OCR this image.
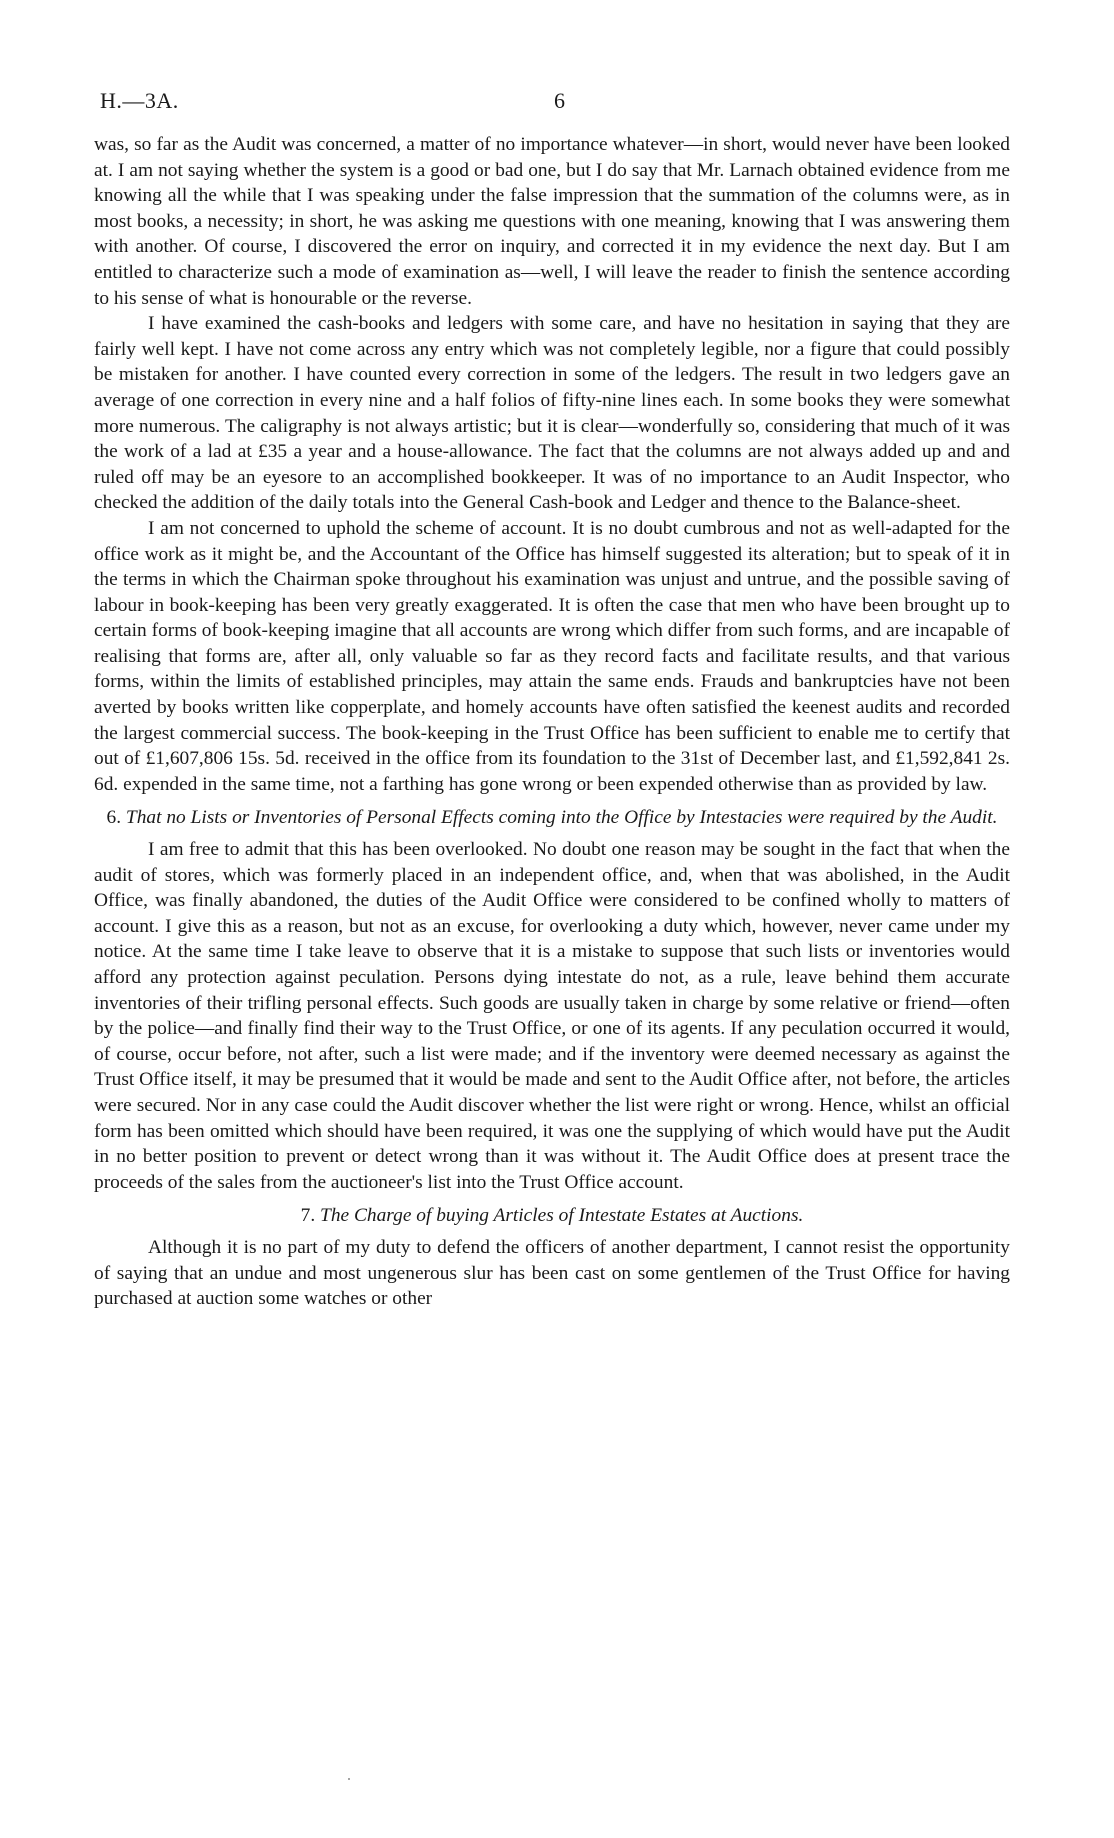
H.—3A.	6

was, so far as the Audit was concerned, a matter of no importance whatever—in short, would never have been looked at. I am not saying whether the system is a good or bad one, but I do say that Mr. Larnach obtained evidence from me knowing all the while that I was speaking under the false impression that the summation of the columns were, as in most books, a necessity; in short, he was asking me questions with one meaning, knowing that I was answering them with another. Of course, I discovered the error on inquiry, and corrected it in my evidence the next day. But I am entitled to characterize such a mode of examination as—well, I will leave the reader to finish the sentence according to his sense of what is honourable or the reverse.

I have examined the cash-books and ledgers with some care, and have no hesitation in saying that they are fairly well kept. I have not come across any entry which was not completely legible, nor a figure that could possibly be mistaken for another. I have counted every correction in some of the ledgers. The result in two ledgers gave an average of one correction in every nine and a half folios of fifty-nine lines each. In some books they were somewhat more numerous. The caligraphy is not always artistic; but it is clear—wonderfully so, considering that much of it was the work of a lad at £35 a year and a house-allowance. The fact that the columns are not always added up and and ruled off may be an eyesore to an accomplished bookkeeper. It was of no importance to an Audit Inspector, who checked the addition of the daily totals into the General Cash-book and Ledger and thence to the Balance-sheet.

I am not concerned to uphold the scheme of account. It is no doubt cumbrous and not as well-adapted for the office work as it might be, and the Accountant of the Office has himself suggested its alteration; but to speak of it in the terms in which the Chairman spoke throughout his examination was unjust and untrue, and the possible saving of labour in book-keeping has been very greatly exaggerated. It is often the case that men who have been brought up to certain forms of book-keeping imagine that all accounts are wrong which differ from such forms, and are incapable of realising that forms are, after all, only valuable so far as they record facts and facilitate results, and that various forms, within the limits of established principles, may attain the same ends. Frauds and bankruptcies have not been averted by books written like copperplate, and homely accounts have often satisfied the keenest audits and recorded the largest commercial success. The book-keeping in the Trust Office has been sufficient to enable me to certify that out of £1,607,806 15s. 5d. received in the office from its foundation to the 31st of December last, and £1,592,841 2s. 6d. expended in the same time, not a farthing has gone wrong or been expended otherwise than as provided by law.

6. That no Lists or Inventories of Personal Effects coming into the Office by Intestacies were required by the Audit.

I am free to admit that this has been overlooked. No doubt one reason may be sought in the fact that when the audit of stores, which was formerly placed in an independent office, and, when that was abolished, in the Audit Office, was finally abandoned, the duties of the Audit Office were considered to be confined wholly to matters of account. I give this as a reason, but not as an excuse, for overlooking a duty which, however, never came under my notice. At the same time I take leave to observe that it is a mistake to suppose that such lists or inventories would afford any protection against peculation. Persons dying intestate do not, as a rule, leave behind them accurate inventories of their trifling personal effects. Such goods are usually taken in charge by some relative or friend—often by the police—and finally find their way to the Trust Office, or one of its agents. If any peculation occurred it would, of course, occur before, not after, such a list were made; and if the inventory were deemed necessary as against the Trust Office itself, it may be presumed that it would be made and sent to the Audit Office after, not before, the articles were secured. Nor in any case could the Audit discover whether the list were right or wrong. Hence, whilst an official form has been omitted which should have been required, it was one the supplying of which would have put the Audit in no better position to prevent or detect wrong than it was without it. The Audit Office does at present trace the proceeds of the sales from the auctioneer's list into the Trust Office account.

7. The Charge of buying Articles of Intestate Estates at Auctions.

Although it is no part of my duty to defend the officers of another department, I cannot resist the opportunity of saying that an undue and most ungenerous slur has been cast on some gentlemen of the Trust Office for having purchased at auction some watches or other
